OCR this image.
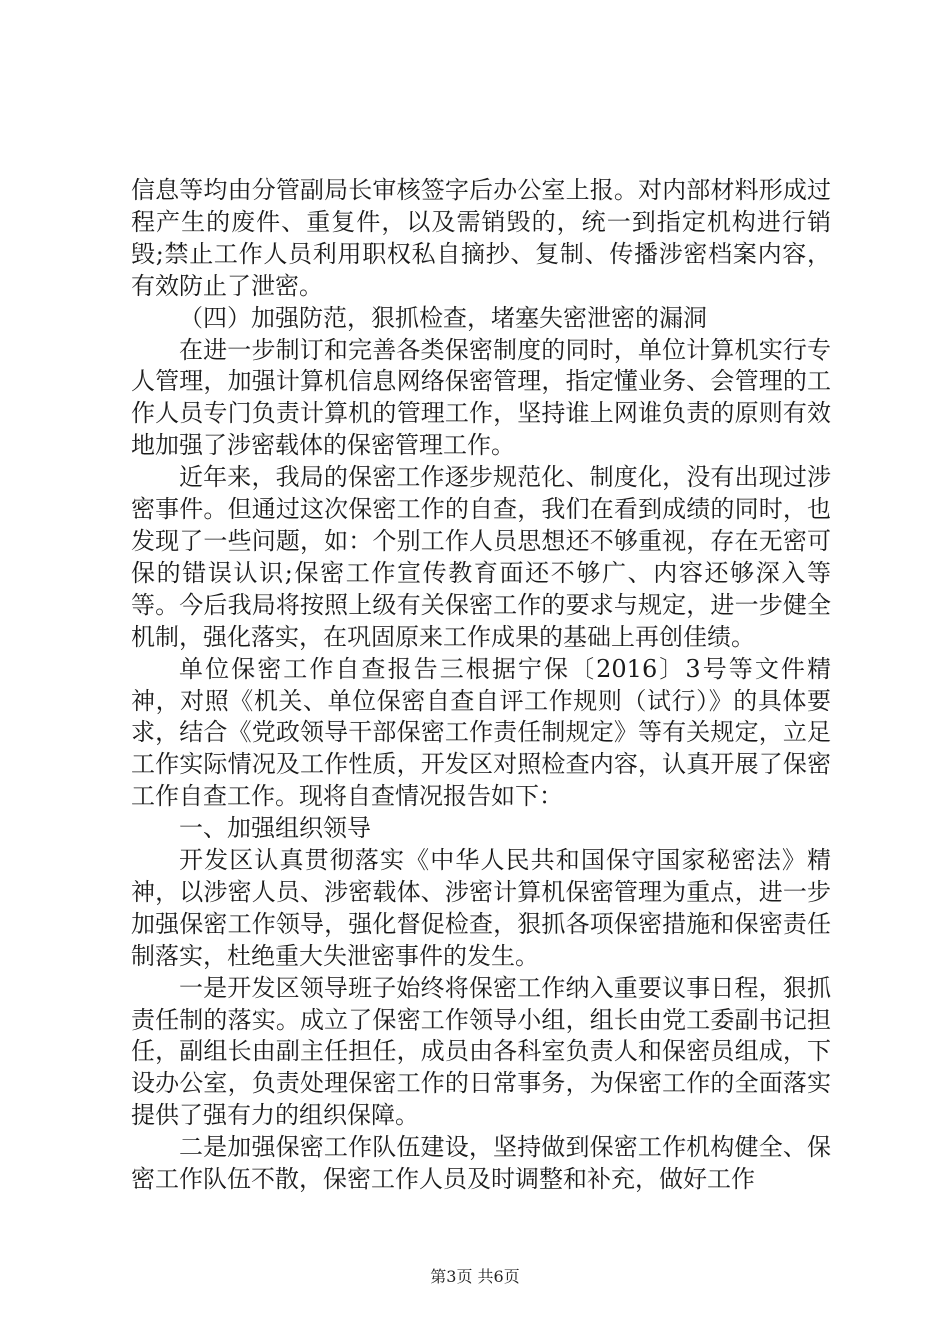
信息等均由分管副局长审核签字后办公室上报。对内部材料形成过程产生的废件、重复件，以及需销毁的，统一到指定机构进行销毁;禁止工作人员利用职权私自摘抄、复制、传播涉密档案内容，有效防止了泄密。

（四）加强防范，狠抓检查，堵塞失密泄密的漏洞

在进一步制订和完善各类保密制度的同时，单位计算机实行专人管理，加强计算机信息网络保密管理，指定懂业务、会管理的工作人员专门负责计算机的管理工作，坚持谁上网谁负责的原则有效地加强了涉密载体的保密管理工作。

近年来，我局的保密工作逐步规范化、制度化，没有出现过涉密事件。但通过这次保密工作的自查，我们在看到成绩的同时，也发现了一些问题，如：个别工作人员思想还不够重视，存在无密可保的错误认识;保密工作宣传教育面还不够广、内容还够深入等等。今后我局将按照上级有关保密工作的要求与规定，进一步健全机制，强化落实，在巩固原来工作成果的基础上再创佳绩。

单位保密工作自查报告三根据宁保〔2016〕3号等文件精神，对照《机关、单位保密自查自评工作规则（试行）》的具体要求，结合《党政领导干部保密工作责任制规定》等有关规定，立足工作实际情况及工作性质，开发区对照检查内容，认真开展了保密工作自查工作。现将自查情况报告如下：

一、加强组织领导

开发区认真贯彻落实《中华人民共和国保守国家秘密法》精神，以涉密人员、涉密载体、涉密计算机保密管理为重点，进一步加强保密工作领导，强化督促检查，狠抓各项保密措施和保密责任制落实，杜绝重大失泄密事件的发生。

一是开发区领导班子始终将保密工作纳入重要议事日程，狠抓责任制的落实。成立了保密工作领导小组，组长由党工委副书记担任，副组长由副主任担任，成员由各科室负责人和保密员组成，下设办公室，负责处理保密工作的日常事务，为保密工作的全面落实提供了强有力的组织保障。

二是加强保密工作队伍建设，坚持做到保密工作机构健全、保密工作队伍不散，保密工作人员及时调整和补充，做好工作

第3页 共6页
